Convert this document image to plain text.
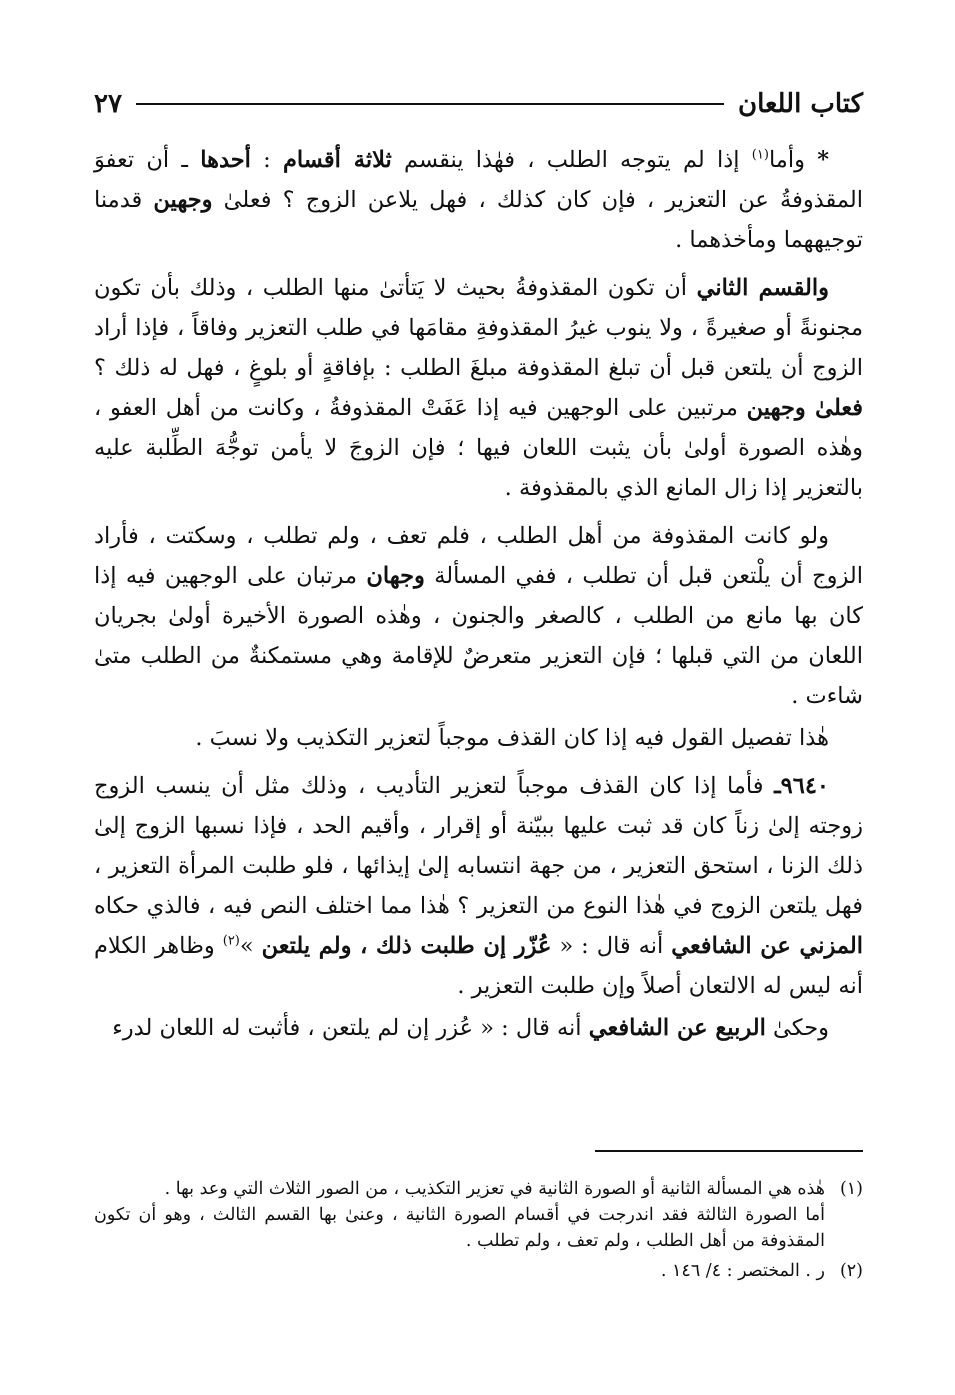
كتاب اللعان
٢٧

* وأما$^{(١)}$ إذا لم يتوجه الطلب ، فهٰذا ينقسم ثلاثة أقسام : أحدها ـ أن تعفوَ المقذوفةُ عن التعزير ، فإن كان كذلك ، فهل يلاعن الزوج ؟ فعلىٰ وجهين قدمنا توجيههما ومأخذهما .

والقسم الثاني أن تكون المقذوفةُ بحيث لا يَتأتىٰ منها الطلب ، وذلك بأن تكون مجنونةً أو صغيرةً ، ولا ينوب غيرُ المقذوفةِ مقامَها في طلب التعزير وفاقاً ، فإذا أراد الزوج أن يلتعن قبل أن تبلغ المقذوفة مبلغَ الطلب : بإفاقةٍ أو بلوغٍ ، فهل له ذلك ؟ فعلىٰ وجهين مرتبين على الوجهين فيه إذا عَفَتْ المقذوفةُ ، وكانت من أهل العفو ، وهٰذه الصورة أولىٰ بأن يثبت اللعان فيها ؛ فإن الزوجَ لا يأمن توجُّهَ الطِّلبة عليه بالتعزير إذا زال المانع الذي بالمقذوفة .

ولو كانت المقذوفة من أهل الطلب ، فلم تعف ، ولم تطلب ، وسكتت ، فأراد الزوج أن يلْتعن قبل أن تطلب ، ففي المسألة وجهان مرتبان على الوجهين فيه إذا كان بها مانع من الطلب ، كالصغر والجنون ، وهٰذه الصورة الأخيرة أولىٰ بجريان اللعان من التي قبلها ؛ فإن التعزير متعرضٌ للإقامة وهي مستمكنةٌ من الطلب متىٰ شاءت .

هٰذا تفصيل القول فيه إذا كان القذف موجباً لتعزير التكذيب ولا نسبَ .

٩٦٤٠ـ فأما إذا كان القذف موجباً لتعزير التأديب ، وذلك مثل أن ينسب الزوج زوجته إلىٰ زناً كان قد ثبت عليها ببيّنة أو إقرار ، وأقيم الحد ، فإذا نسبها الزوج إلىٰ ذلك الزنا ، استحق التعزير ، من جهة انتسابه إلىٰ إيذائها ، فلو طلبت المرأة التعزير ، فهل يلتعن الزوج في هٰذا النوع من التعزير ؟ هٰذا مما اختلف النص فيه ، فالذي حكاه المزني عن الشافعي أنه قال : « عُزّر إن طلبت ذلك ، ولم يلتعن »$^{(٢)}$ وظاهر الكلام أنه ليس له الالتعان أصلاً وإن طلبت التعزير .

وحكىٰ الربيع عن الشافعي أنه قال : « عُزر إن لم يلتعن ، فأثبت له اللعان لدرء

(١)
هٰذه هي المسألة الثانية أو الصورة الثانية في تعزير التكذيب ، من الصور الثلاث التي وعد بها .
أما الصورة الثالثة فقد اندرجت في أقسام الصورة الثانية ، وعنىٰ بها القسم الثالث ، وهو أن تكون المقذوفة من أهل الطلب ، ولم تعف ، ولم تطلب .
(٢)
ر . المختصر : ٤/ ١٤٦ .
